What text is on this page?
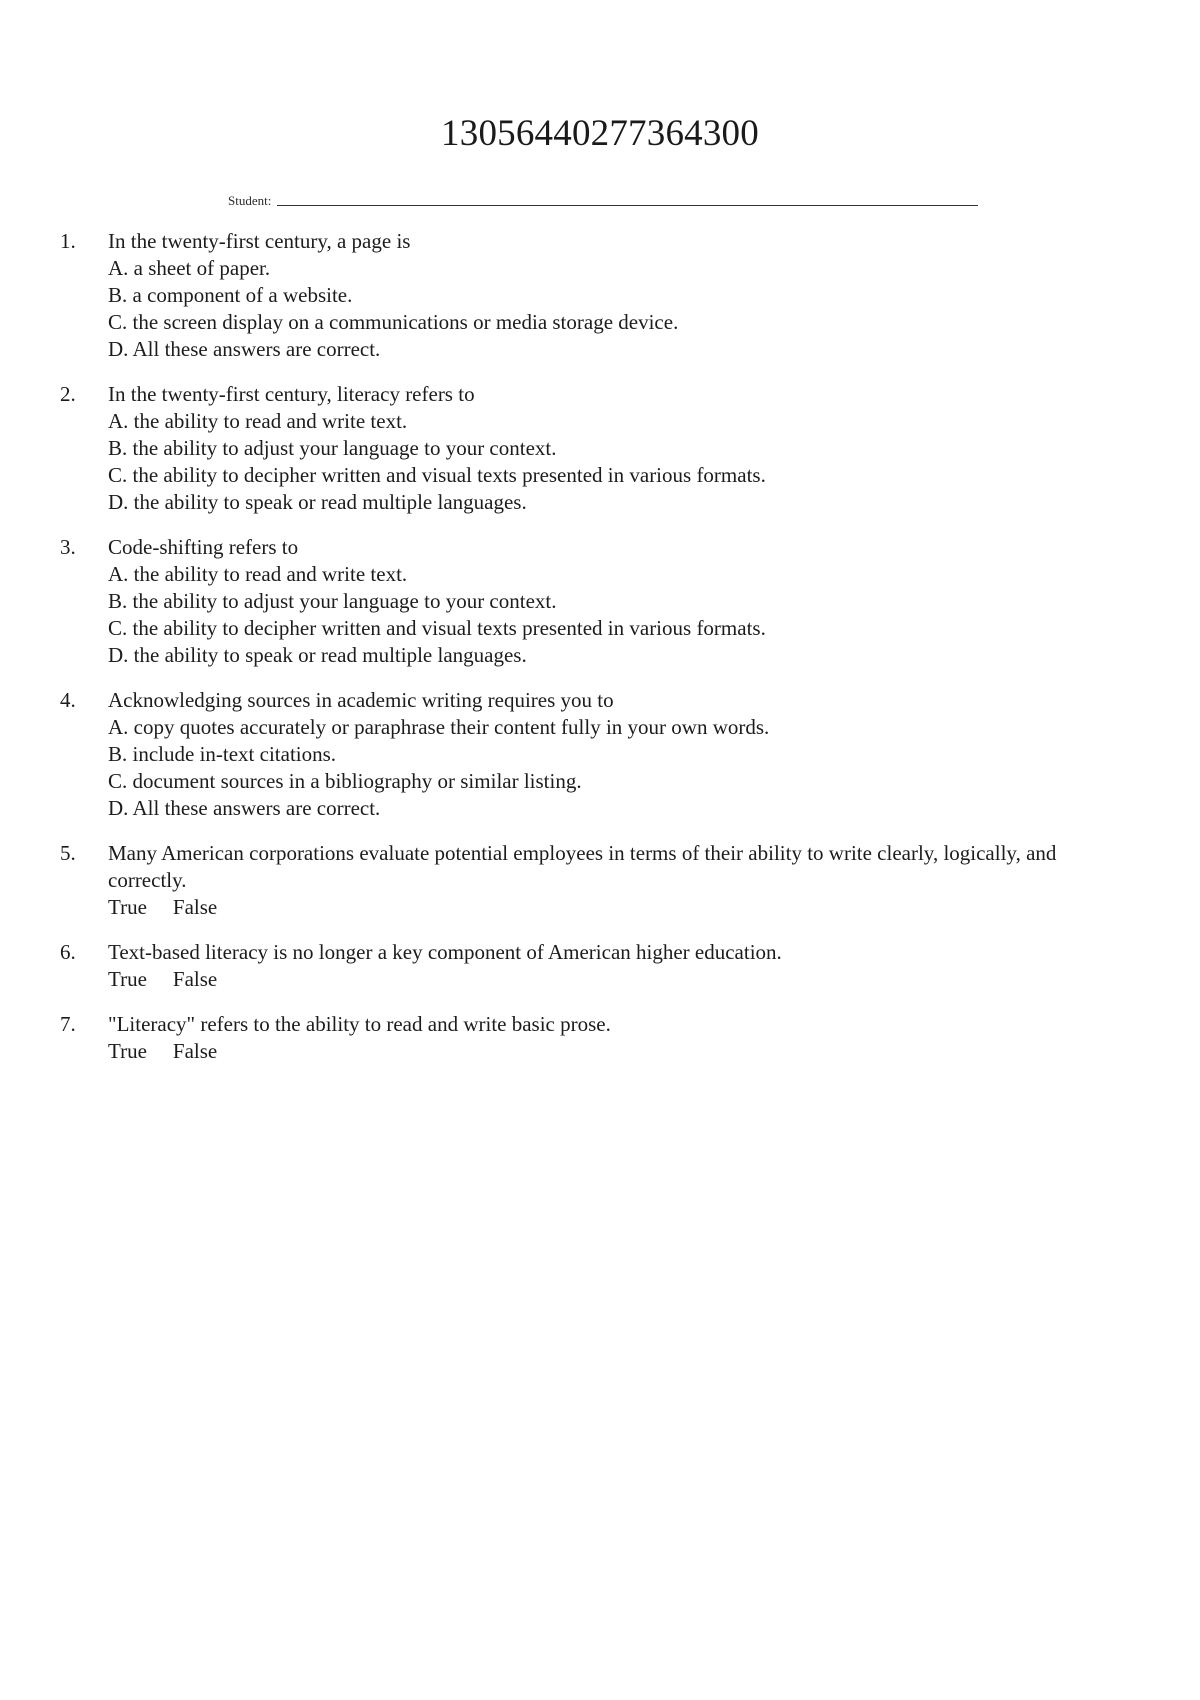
13056440277364300
Student:
1.	In the twenty-first century, a page is
A. a sheet of paper.
B. a component of a website.
C. the screen display on a communications or media storage device.
D. All these answers are correct.
2.	In the twenty-first century, literacy refers to
A. the ability to read and write text.
B. the ability to adjust your language to your context.
C. the ability to decipher written and visual texts presented in various formats.
D. the ability to speak or read multiple languages.
3.	Code-shifting refers to
A. the ability to read and write text.
B. the ability to adjust your language to your context.
C. the ability to decipher written and visual texts presented in various formats.
D. the ability to speak or read multiple languages.
4.	Acknowledging sources in academic writing requires you to
A. copy quotes accurately or paraphrase their content fully in your own words.
B. include in-text citations.
C. document sources in a bibliography or similar listing.
D. All these answers are correct.
5.	Many American corporations evaluate potential employees in terms of their ability to write clearly, logically, and correctly.
True False
6.	Text-based literacy is no longer a key component of American higher education.
True False
7.	"Literacy" refers to the ability to read and write basic prose.
True False
